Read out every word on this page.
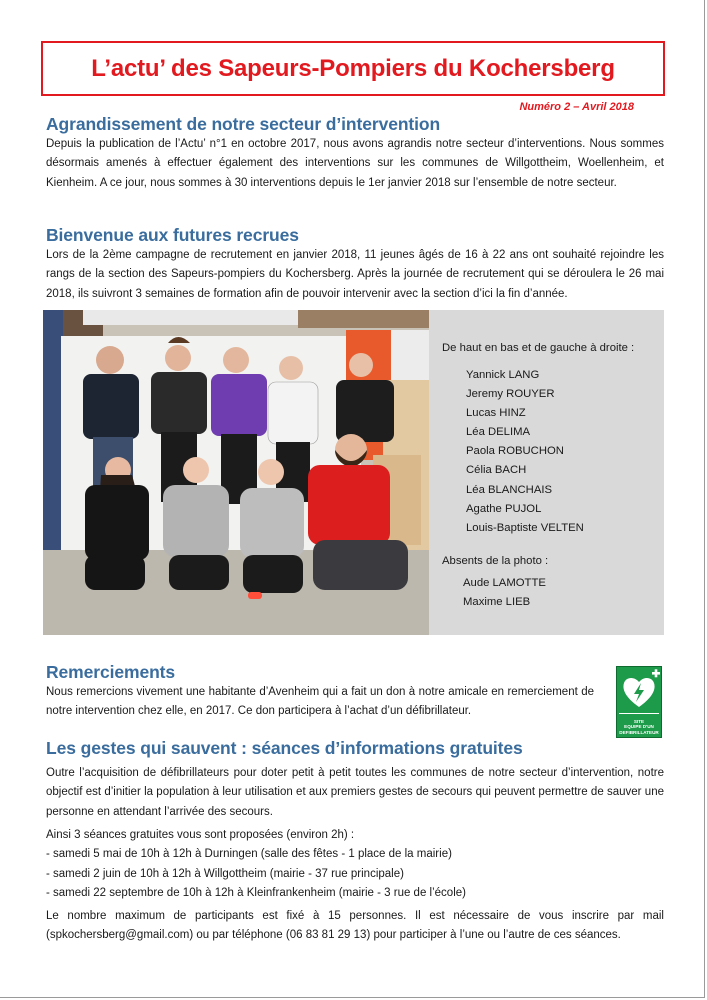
L’actu’ des Sapeurs-Pompiers du Kochersberg
Numéro 2 – Avril 2018
Agrandissement de notre secteur d’intervention

Depuis la publication de l’Actu’ n°1 en octobre 2017, nous avons agrandis notre secteur d’interventions. Nous sommes désormais amenés à effectuer également des interventions sur les communes de Willgottheim, Woellenheim, et Kienheim. A ce jour, nous sommes à 30 interventions depuis le 1er janvier 2018 sur l’ensemble de notre secteur.

Bienvenue aux futures recrues

Lors de la 2ème campagne de recrutement en janvier 2018, 11 jeunes âgés de 16 à 22 ans ont souhaité rejoindre les rangs de la section des Sapeurs-pompiers du Kochersberg. Après la journée de recrutement qui se déroulera le 26 mai 2018, ils suivront 3 semaines de formation afin de pouvoir intervenir avec la section d’ici la fin d’année.

De haut en bas et de gauche à droite :
Yannick LANG
Jeremy ROUYER
Lucas HINZ
Léa DELIMA
Paola ROBUCHON
Célia BACH
Léa BLANCHAIS
Agathe PUJOL
Louis-Baptiste VELTEN
Absents de la photo :
Aude LAMOTTE
Maxime LIEB
Remerciements

Nous remercions vivement une habitante d’Avenheim qui a fait un don à notre amicale en remerciement de notre intervention chez elle, en 2017. Ce don participera à l’achat d’un défibrillateur.

SITE
EQUIPE D'UN
DEFIBRILLATEUR
Les gestes qui sauvent : séances d’informations gratuites

Outre l’acquisition de défibrillateurs pour doter petit à petit toutes les communes de notre secteur d’intervention, notre objectif est d’initier la population à leur utilisation et aux premiers gestes de secours qui peuvent permettre de sauver une personne en attendant l’arrivée des secours.

Ainsi 3 séances gratuites vous sont proposées (environ 2h) :
- samedi 5 mai de 10h à 12h à Durningen (salle des fêtes - 1 place de la mairie)
- samedi 2 juin de 10h à 12h à Willgottheim (mairie - 37 rue principale)
- samedi 22 septembre de 10h à 12h à Kleinfrankenheim (mairie - 3 rue de l’école)

Le nombre maximum de participants est fixé à 15 personnes. Il est nécessaire de vous inscrire par mail (spkochersberg@gmail.com) ou par téléphone (06 83 81 29 13) pour participer à l’une ou l’autre de ces séances.
